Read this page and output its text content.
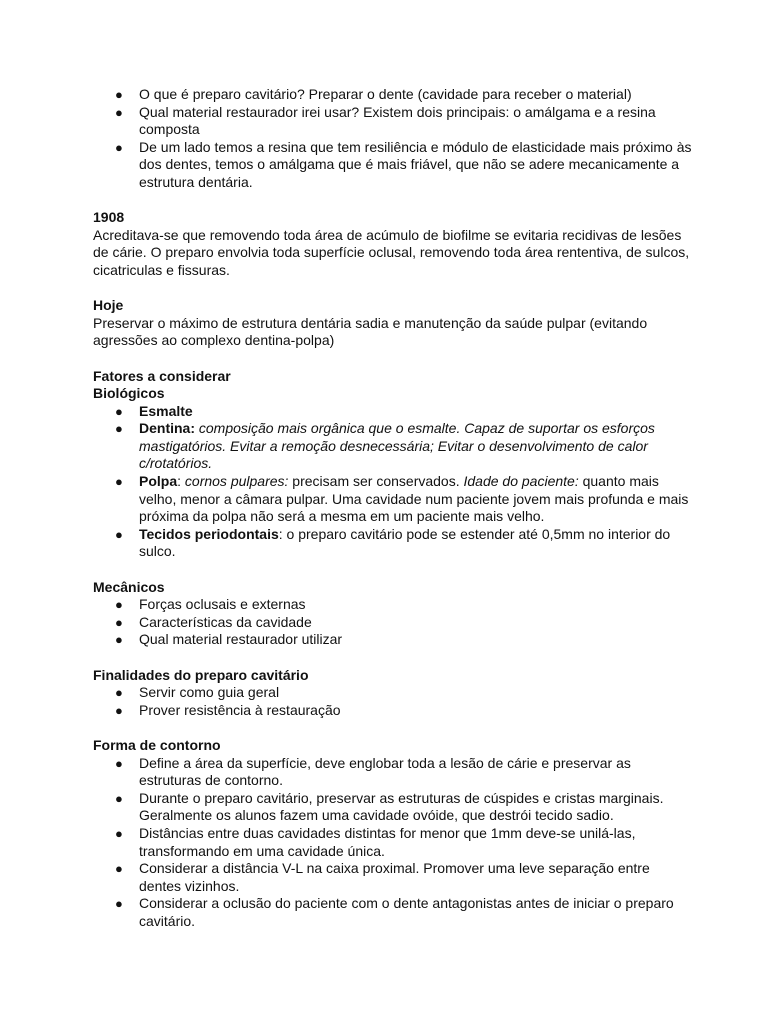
● O que é preparo cavitário? Preparar o dente (cavidade para receber o material)
● Qual material restaurador irei usar? Existem dois principais: o amálgama e a resina composta
● De um lado temos a resina que tem resiliência e módulo de elasticidade mais próximo às dos dentes, temos o amálgama que é mais friável, que não se adere mecanicamente a estrutura dentária.

1908

Acreditava-se que removendo toda área de acúmulo de biofilme se evitaria recidivas de lesões de cárie. O preparo envolvia toda superfície oclusal, removendo toda área rententiva, de sulcos, cicatriculas e fissuras.

Hoje

Preservar o máximo de estrutura dentária sadia e manutenção da saúde pulpar (evitando agressões ao complexo dentina-polpa)

Fatores a considerar

Biológicos

● Esmalte
● Dentina: composição mais orgânica que o esmalte. Capaz de suportar os esforços mastigatórios. Evitar a remoção desnecessária; Evitar o desenvolvimento de calor c/rotatórios.
● Polpa: cornos pulpares: precisam ser conservados. Idade do paciente: quanto mais velho, menor a câmara pulpar. Uma cavidade num paciente jovem mais profunda e mais próxima da polpa não será a mesma em um paciente mais velho.
● Tecidos periodontais: o preparo cavitário pode se estender até 0,5mm no interior do sulco.

Mecânicos

● Forças oclusais e externas
● Características da cavidade
● Qual material restaurador utilizar

Finalidades do preparo cavitário

● Servir como guia geral
● Prover resistência à restauração

Forma de contorno

● Define a área da superfície, deve englobar toda a lesão de cárie e preservar as estruturas de contorno.
● Durante o preparo cavitário, preservar as estruturas de cúspides e cristas marginais. Geralmente os alunos fazem uma cavidade ovóide, que destrói tecido sadio.
● Distâncias entre duas cavidades distintas for menor que 1mm deve-se unilá-las, transformando em uma cavidade única.
● Considerar a distância V-L na caixa proximal. Promover uma leve separação entre dentes vizinhos.
● Considerar a oclusão do paciente com o dente antagonistas antes de iniciar o preparo cavitário.
